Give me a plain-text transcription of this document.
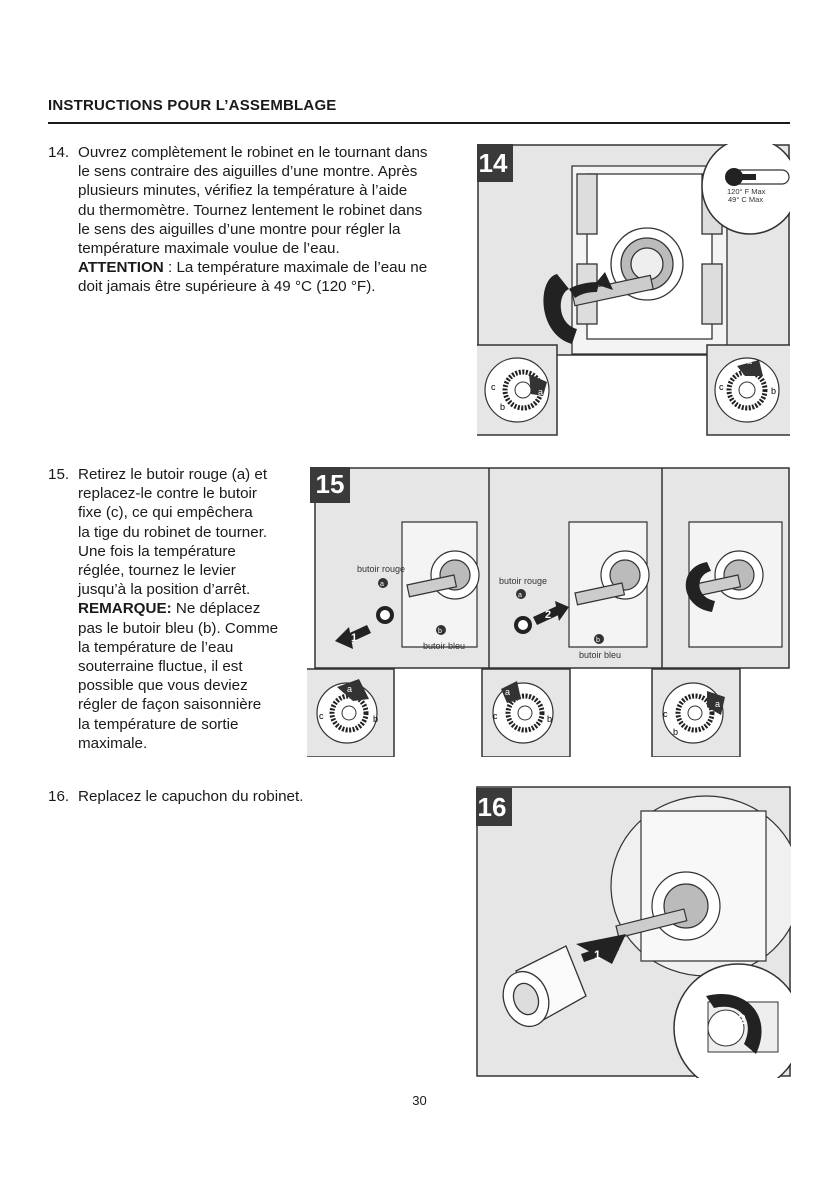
INSTRUCTIONS POUR L’ASSEMBLAGE
14. Ouvrez complètement le robinet en le tournant dans
le sens contraire des aiguilles d’une montre. Après
plusieurs minutes, vérifiez la température à l’aide
du thermomètre. Tournez lentement le robinet dans
le sens des aiguilles d’une montre pour régler la
température maximale voulue de l’eau.
ATTENTION : La température maximale de l’eau ne
doit jamais être supérieure à 49 °C (120 °F).
120° F Max
49° C Max
c
b
a	c
a
b
14
15. Retirez le butoir rouge (a) et
replacez-le contre le butoir
fixe (c), ce qui empêchera
la tige du robinet de tourner.
Une fois la température
réglée, tournez le levier
jusqu’à la position d’arrêt.
REMARQUE: Ne déplacez
pas le butoir bleu (b). Comme
la température de l’eau
souterraine fluctue, il est
possible que vous deviez
régler de façon saisonnière
la température de sortie
maximale.
1
butoir rouge
a
b
butoir bleu
2
butoir rouge
a
b
butoir bleu
c
a
b	c
a
b	c
b
a
15
16. Replacez le capuchon du robinet.
1
2
16
30
